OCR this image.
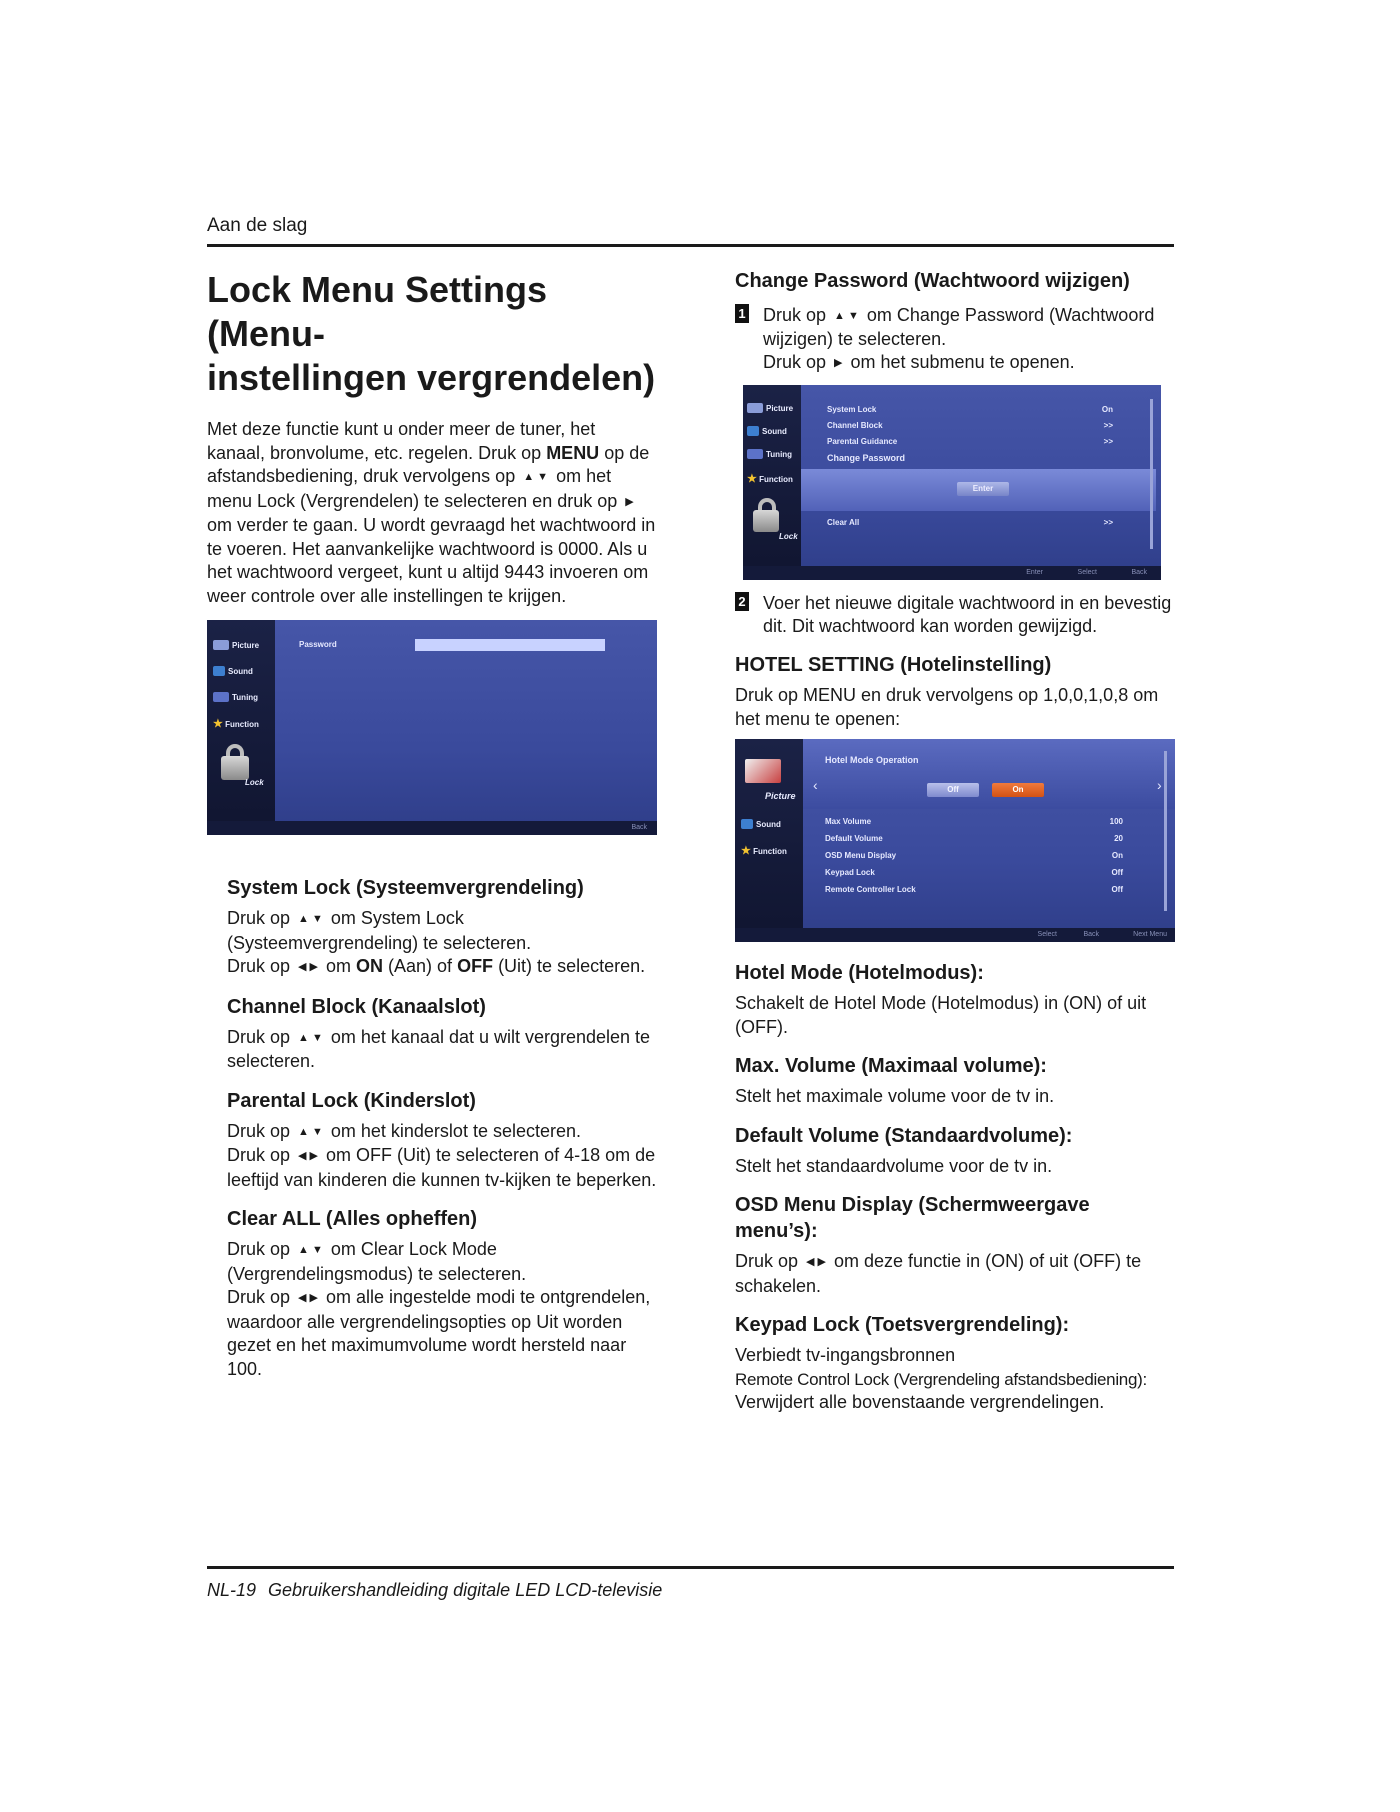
Aan de slag
Lock Menu Settings (Menu-
instellingen vergrendelen)

Met deze functie kunt u onder meer de tuner, het kanaal, bronvolume, etc. regelen. Druk op MENU op de afstandsbediening, druk vervolgens op ▲ ▼ om het menu Lock (Vergrendelen) te selecteren en druk op ▶ om verder te gaan. U wordt gevraagd het wachtwoord in te voeren. Het aanvankelijke wachtwoord is 0000. Als u het wachtwoord vergeet, kunt u altijd 9443 invoeren om weer controle over alle instellingen te krijgen.

Picture
Sound
Tuning
★ Function
Lock
Password
Back
System Lock (Systeemvergrendeling)

Druk op ▲ ▼ om System Lock (Systeemvergrendeling) te selecteren.
Druk op ◀ ▶ om ON (Aan) of OFF (Uit) te selecteren.

Channel Block (Kanaalslot)

Druk op ▲ ▼ om het kanaal dat u wilt vergrendelen te selecteren.

Parental Lock (Kinderslot)

Druk op ▲ ▼ om het kinderslot te selecteren.
Druk op ◀ ▶ om OFF (Uit) te selecteren of 4-18 om de leeftijd van kinderen die kunnen tv-kijken te beperken.

Clear ALL (Alles opheffen)

Druk op ▲ ▼ om Clear Lock Mode (Vergrendelingsmodus) te selecteren.
Druk op ◀ ▶ om alle ingestelde modi te ontgrendelen, waardoor alle vergrendelingsopties op Uit worden gezet en het maximumvolume wordt hersteld naar 100.

Change Password (Wachtwoord wijzigen)
1 Druk op ▲ ▼ om Change Password (Wachtwoord wijzigen) te selecteren.
Druk op ▶ om het submenu te openen.
Picture
Sound
Tuning
★ Function
Lock
System Lock	On
Channel Block	>>
Parental Guidance	>>
Change Password
Enter
Clear All	>>
Enter	Select	Back
2 Voer het nieuwe digitale wachtwoord in en bevestig dit. Dit wachtwoord kan worden gewijzigd.
HOTEL SETTING (Hotelinstelling)

Druk op MENU en druk vervolgens op 1,0,0,1,0,8 om het menu te openen:

Picture
Sound
★ Function
Hotel Mode Operation
‹	›
Off	On
Max Volume	100
Default Volume	20
OSD Menu Display	On
Keypad Lock	Off
Remote Controller Lock	Off
Select	Back	Next Menu
Hotel Mode (Hotelmodus):

Schakelt de Hotel Mode (Hotelmodus) in (ON) of uit (OFF).

Max. Volume (Maximaal volume):

Stelt het maximale volume voor de tv in.

Default Volume (Standaardvolume):

Stelt het standaardvolume voor de tv in.

OSD Menu Display (Schermweergave menu’s):

Druk op ◀ ▶ om deze functie in (ON) of uit (OFF) te schakelen.

Keypad Lock (Toetsvergrendeling):

Verbiedt tv-ingangsbronnen
Remote Control Lock (Vergrendeling afstandsbediening):
Verwijdert alle bovenstaande vergrendelingen.

NL-19 Gebruikershandleiding digitale LED LCD-televisie
